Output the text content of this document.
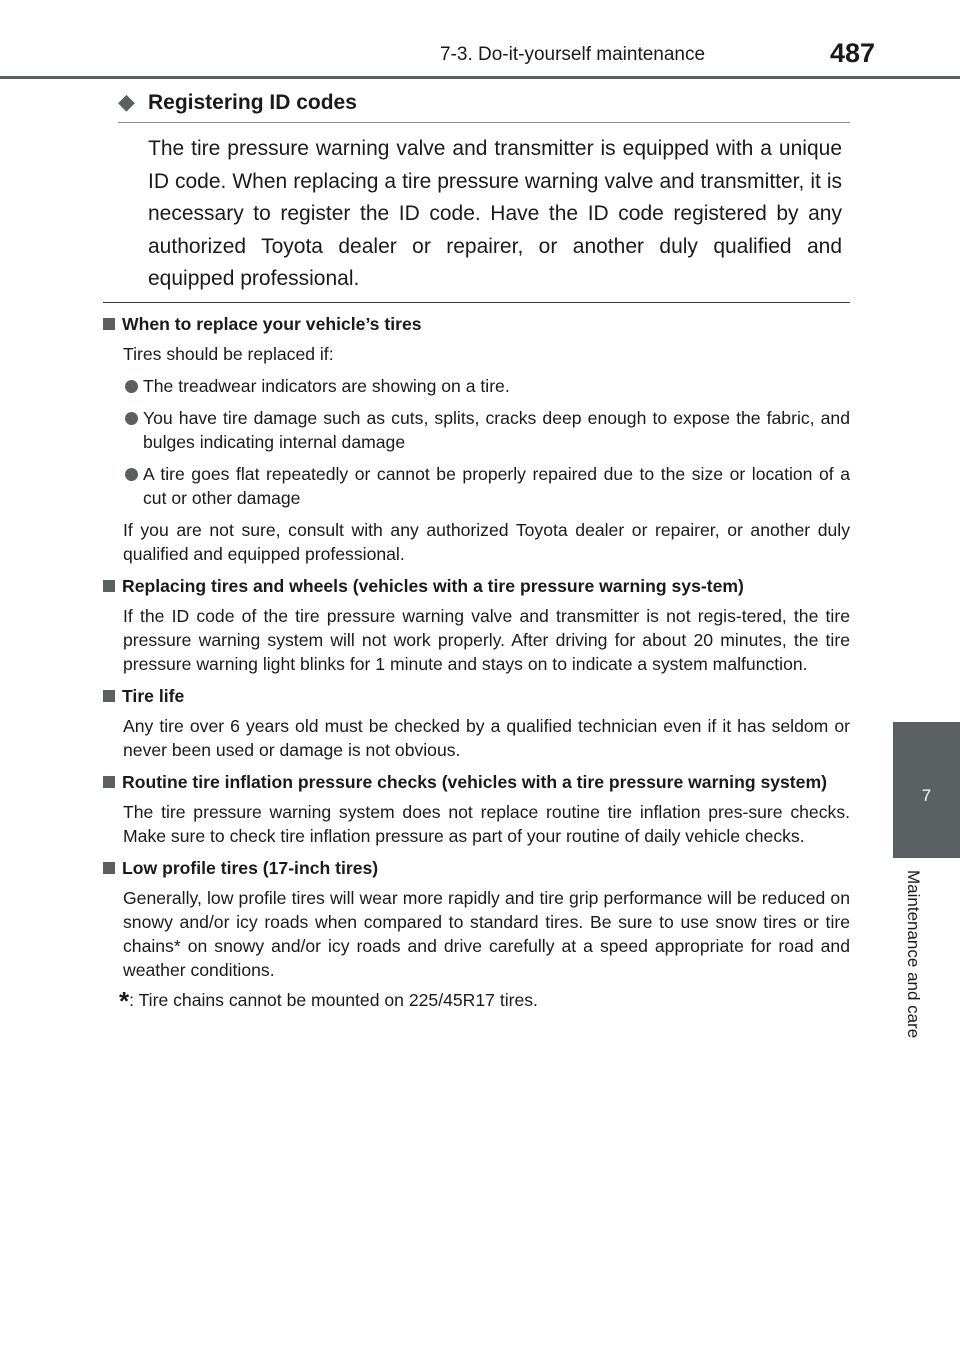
7-3. Do-it-yourself maintenance	487
7
Maintenance and care
◆ Registering ID codes
The tire pressure warning valve and transmitter is equipped with a unique ID code. When replacing a tire pressure warning valve and transmitter, it is necessary to register the ID code. Have the ID code registered by any authorized Toyota dealer or repairer, or another duly qualified and equipped professional.
When to replace your vehicle’s tires
Tires should be replaced if:
The treadwear indicators are showing on a tire.
You have tire damage such as cuts, splits, cracks deep enough to expose the fabric, and bulges indicating internal damage
A tire goes flat repeatedly or cannot be properly repaired due to the size or location of a cut or other damage
If you are not sure, consult with any authorized Toyota dealer or repairer, or another duly qualified and equipped professional.
Replacing tires and wheels (vehicles with a tire pressure warning sys-tem)
If the ID code of the tire pressure warning valve and transmitter is not regis-tered, the tire pressure warning system will not work properly. After driving for about 20 minutes, the tire pressure warning light blinks for 1 minute and stays on to indicate a system malfunction.
Tire life
Any tire over 6 years old must be checked by a qualified technician even if it has seldom or never been used or damage is not obvious.
Routine tire inflation pressure checks (vehicles with a tire pressure warning system)
The tire pressure warning system does not replace routine tire inflation pres-sure checks. Make sure to check tire inflation pressure as part of your routine of daily vehicle checks.
Low profile tires (17-inch tires)
Generally, low profile tires will wear more rapidly and tire grip performance will be reduced on snowy and/or icy roads when compared to standard tires. Be sure to use snow tires or tire chains* on snowy and/or icy roads and drive carefully at a speed appropriate for road and weather conditions.
*: Tire chains cannot be mounted on 225/45R17 tires.
